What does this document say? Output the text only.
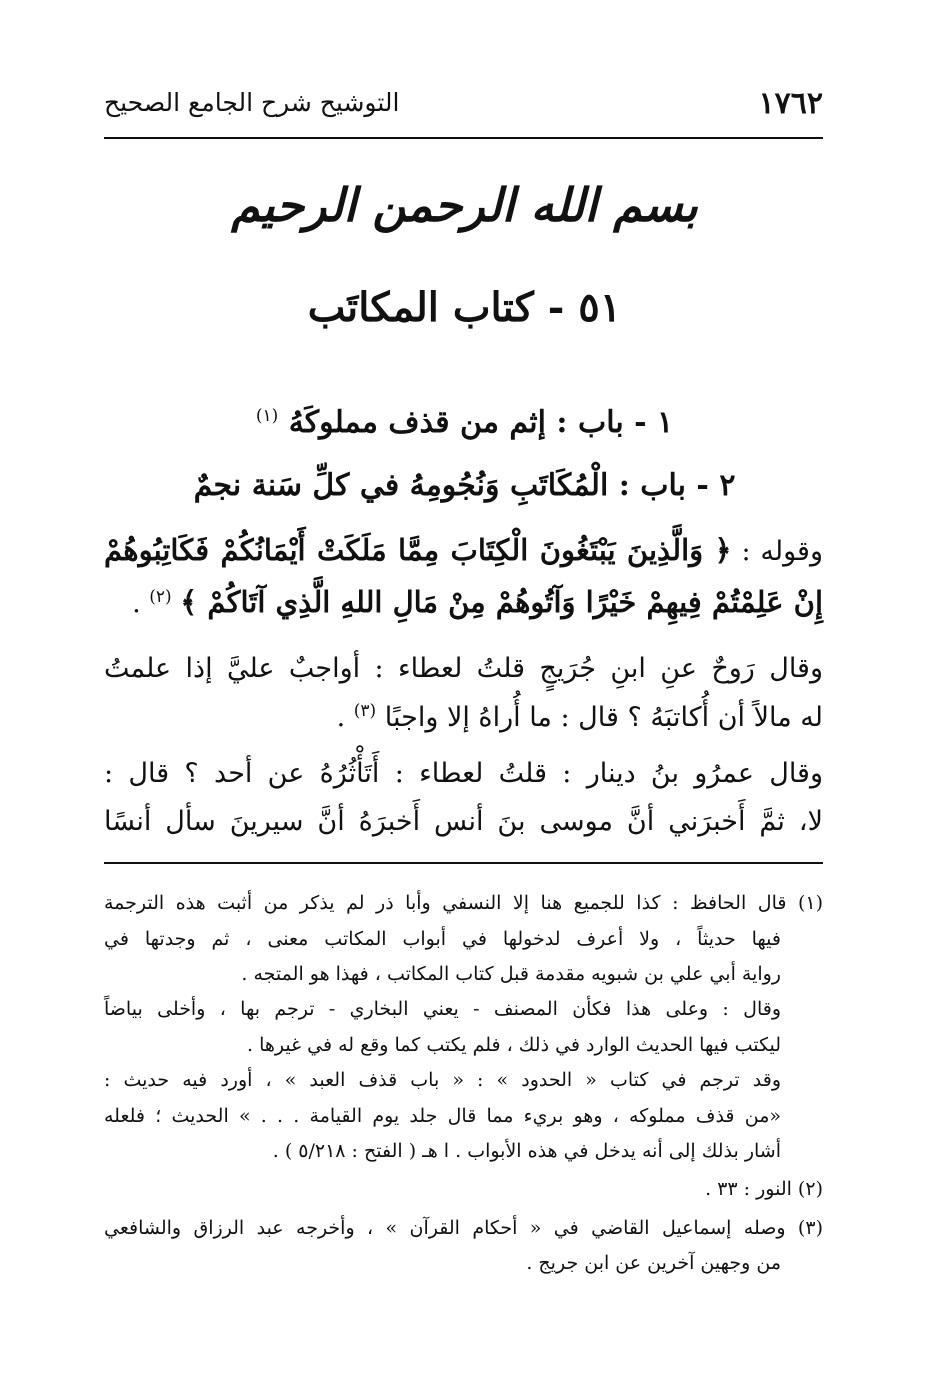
١٧٦٢
التوشيح شرح الجامع الصحيح
بسم الله الرحمن الرحيم
٥١ - كتاب المكاتَب
١ - باب : إثم من قذف مملوكَهُ $^{(١)}$
٢ - باب : الْمُكَاتَبِ وَنُجُومِهُ في كلِّ سَنة نجمٌ
وقوله : ﴿ وَالَّذِينَ يَبْتَغُونَ الْكِتَابَ مِمَّا مَلَكَتْ أَيْمَانُكُمْ فَكَاتِبُوهُمْ
إِنْ عَلِمْتُمْ فِيهِمْ خَيْرًا وَآتُوهُمْ مِنْ مَالِ اللهِ الَّذِي آتَاكُمْ ﴾ $^{(٢)}$ .
وقال رَوحٌ عنِ ابنِ جُرَيجٍ قلتُ لعطاء : أواجبٌ عليَّ إذا علمتُ
له مالاً أن أُكاتبَهُ ؟ قال : ما أُراهُ إلا واجبًا $^{(٣)}$ .
وقال عمرُو بنُ دينار : قلتُ لعطاء : أَتَأْثُرُهُ عن أحد ؟ قال :
لا، ثمَّ أَخبرَني أنَّ موسى بنَ أنس أَخبرَهُ أنَّ سيرينَ سأل أنسًا
(١) قال الحافظ : كذا للجميع هنا إلا النسفي وأبا ذر لم يذكر من أثبت هذه الترجمة
فيها حديثاً ، ولا أعرف لدخولها في أبواب المكاتب معنى ، ثم وجدتها في
رواية أبي علي بن شبويه مقدمة قبل كتاب المكاتب ، فهذا هو المتجه .
وقال : وعلى هذا فكأن المصنف - يعني البخاري - ترجم بها ، وأخلى بياضاً
ليكتب فيها الحديث الوارد في ذلك ، فلم يكتب كما وقع له في غيرها .
وقد ترجم في كتاب « الحدود » : « باب قذف العبد » ، أورد فيه حديث :
«من قذف مملوكه ، وهو بريء مما قال جلد يوم القيامة . . . » الحديث ؛ فلعله
أشار بذلك إلى أنه يدخل في هذه الأبواب . ا هـ ( الفتح : ٥/٢١٨ ) .
(٢) النور : ٣٣ .
(٣) وصله إسماعيل القاضي في « أحكام القرآن » ، وأخرجه عبد الرزاق والشافعي
من وجهين آخرين عن ابن جريج .
